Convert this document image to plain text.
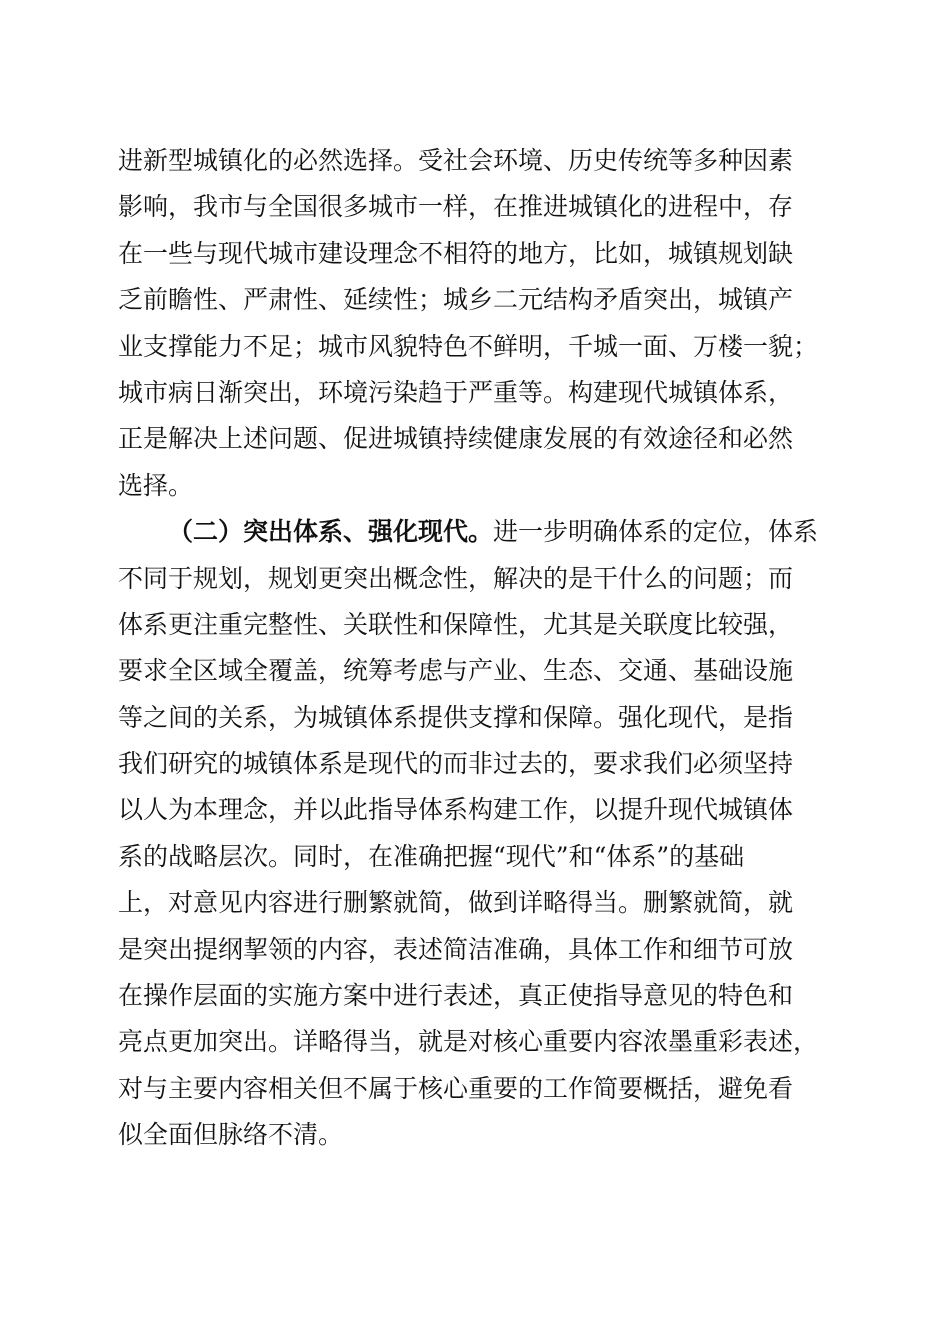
进新型城镇化的必然选择。受社会环境、历史传统等多种因素
影响，我市与全国很多城市一样，在推进城镇化的进程中，存
在一些与现代城市建设理念不相符的地方，比如，城镇规划缺
乏前瞻性、严肃性、延续性；城乡二元结构矛盾突出，城镇产
业支撑能力不足；城市风貌特色不鲜明，千城一面、万楼一貌；
城市病日渐突出，环境污染趋于严重等。构建现代城镇体系，
正是解决上述问题、促进城镇持续健康发展的有效途径和必然
选择。
（二）突出体系、强化现代。进一步明确体系的定位，体系
不同于规划，规划更突出概念性，解决的是干什么的问题；而
体系更注重完整性、关联性和保障性，尤其是关联度比较强，
要求全区域全覆盖，统筹考虑与产业、生态、交通、基础设施
等之间的关系，为城镇体系提供支撑和保障。强化现代，是指
我们研究的城镇体系是现代的而非过去的，要求我们必须坚持
以人为本理念，并以此指导体系构建工作，以提升现代城镇体
系的战略层次。同时，在准确把握“现代”和“体系”的基础
上，对意见内容进行删繁就简，做到详略得当。删繁就简，就
是突出提纲挈领的内容，表述简洁准确，具体工作和细节可放
在操作层面的实施方案中进行表述，真正使指导意见的特色和
亮点更加突出。详略得当，就是对核心重要内容浓墨重彩表述，
对与主要内容相关但不属于核心重要的工作简要概括，避免看
似全面但脉络不清。
